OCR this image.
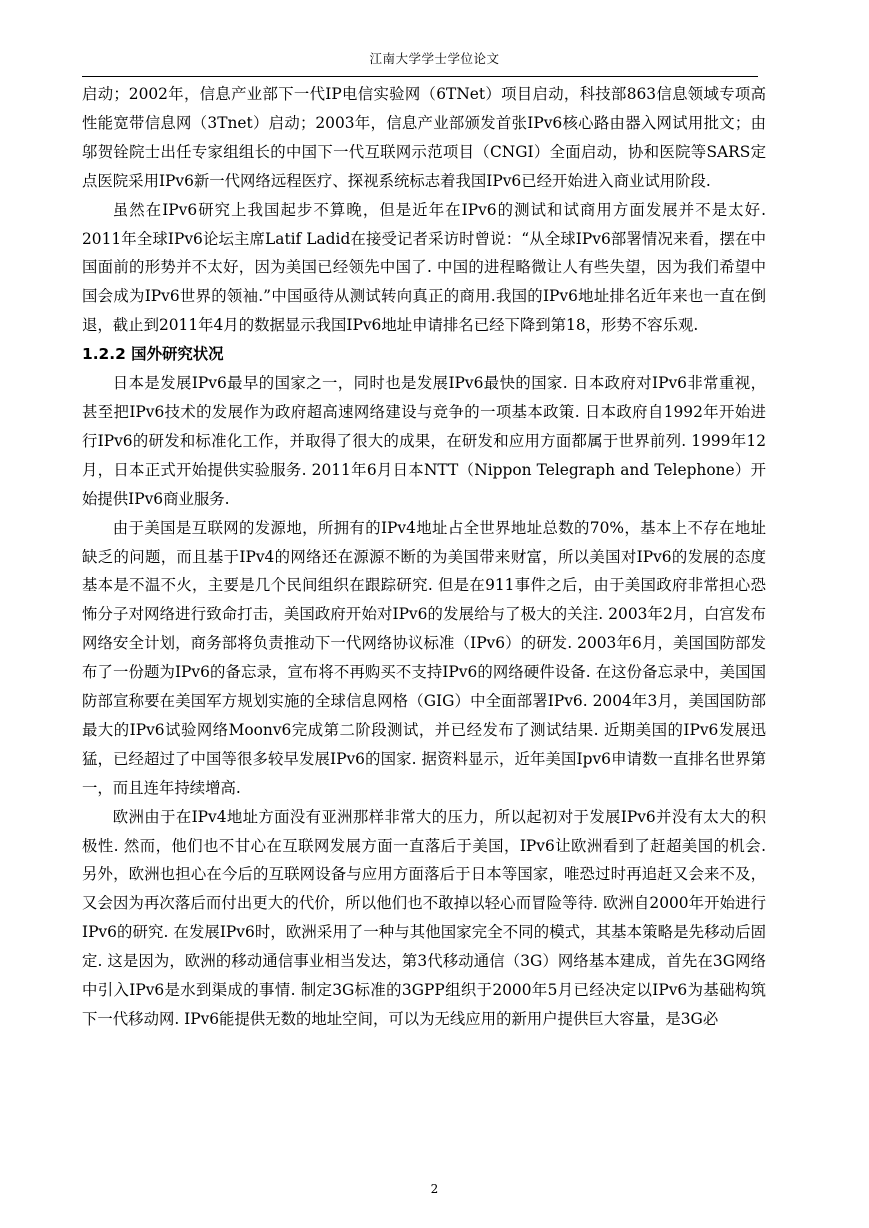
江南大学学士学位论文

启动；2002年，信息产业部下一代IP电信实验网（6TNet）项目启动，科技部863信息领域专项高性能宽带信息网（3Tnet）启动；2003年，信息产业部颁发首张IPv6核心路由器入网试用批文；由邬贺铨院士出任专家组组长的中国下一代互联网示范项目（CNGI）全面启动，协和医院等SARS定点医院采用IPv6新一代网络远程医疗、探视系统标志着我国IPv6已经开始进入商业试用阶段.

虽然在IPv6研究上我国起步不算晚，但是近年在IPv6的测试和试商用方面发展并不是太好. 2011年全球IPv6论坛主席Latif Ladid在接受记者采访时曾说：“从全球IPv6部署情况来看，摆在中国面前的形势并不太好，因为美国已经领先中国了. 中国的进程略微让人有些失望，因为我们希望中国会成为IPv6世界的领袖.”中国亟待从测试转向真正的商用.我国的IPv6地址排名近年来也一直在倒退，截止到2011年4月的数据显示我国IPv6地址申请排名已经下降到第18，形势不容乐观.

1.2.2 国外研究状况

日本是发展IPv6最早的国家之一，同时也是发展IPv6最快的国家. 日本政府对IPv6非常重视，甚至把IPv6技术的发展作为政府超高速网络建设与竞争的一项基本政策. 日本政府自1992年开始进行IPv6的研发和标准化工作，并取得了很大的成果，在研发和应用方面都属于世界前列. 1999年12月，日本正式开始提供实验服务. 2011年6月日本NTT（Nippon Telegraph and Telephone）开始提供IPv6商业服务.

由于美国是互联网的发源地，所拥有的IPv4地址占全世界地址总数的70%，基本上不存在地址缺乏的问题，而且基于IPv4的网络还在源源不断的为美国带来财富，所以美国对IPv6的发展的态度基本是不温不火，主要是几个民间组织在跟踪研究. 但是在911事件之后，由于美国政府非常担心恐怖分子对网络进行致命打击，美国政府开始对IPv6的发展给与了极大的关注. 2003年2月，白宫发布网络安全计划，商务部将负责推动下一代网络协议标准（IPv6）的研发. 2003年6月，美国国防部发布了一份题为IPv6的备忘录，宣布将不再购买不支持IPv6的网络硬件设备. 在这份备忘录中，美国国防部宣称要在美国军方规划实施的全球信息网格（GIG）中全面部署IPv6. 2004年3月，美国国防部最大的IPv6试验网络Moonv6完成第二阶段测试，并已经发布了测试结果. 近期美国的IPv6发展迅猛，已经超过了中国等很多较早发展IPv6的国家. 据资料显示，近年美国Ipv6申请数一直排名世界第一，而且连年持续增高.

欧洲由于在IPv4地址方面没有亚洲那样非常大的压力，所以起初对于发展IPv6并没有太大的积极性. 然而，他们也不甘心在互联网发展方面一直落后于美国，IPv6让欧洲看到了赶超美国的机会. 另外，欧洲也担心在今后的互联网设备与应用方面落后于日本等国家，唯恐过时再追赶又会来不及，又会因为再次落后而付出更大的代价，所以他们也不敢掉以轻心而冒险等待. 欧洲自2000年开始进行IPv6的研究. 在发展IPv6时，欧洲采用了一种与其他国家完全不同的模式，其基本策略是先移动后固定. 这是因为，欧洲的移动通信事业相当发达，第3代移动通信（3G）网络基本建成，首先在3G网络中引入IPv6是水到渠成的事情. 制定3G标准的3GPP组织于2000年5月已经决定以IPv6为基础构筑下一代移动网. IPv6能提供无数的地址空间，可以为无线应用的新用户提供巨大容量，是3G必

2
